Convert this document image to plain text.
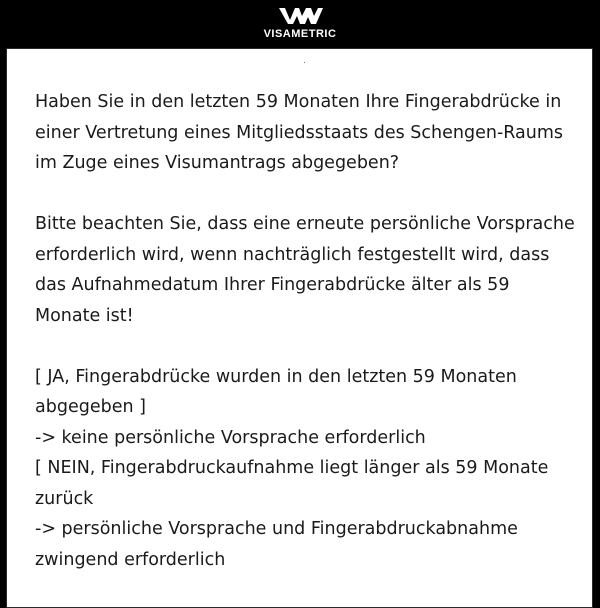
VISAMETRIC

Haben Sie in den letzten 59 Monaten Ihre Fingerabdrücke in einer Vertretung eines Mitgliedsstaats des Schengen-Raums im Zuge eines Visumantrags abgegeben?

Bitte beachten Sie, dass eine erneute persönliche Vorsprache erforderlich wird, wenn nachträglich festgestellt wird, dass das Aufnahmedatum Ihrer Fingerabdrücke älter als 59 Monate ist!

[ JA, Fingerabdrücke wurden in den letzten 59 Monaten abgegeben ]

-> keine persönliche Vorsprache erforderlich

[ NEIN, Fingerabdruckaufnahme liegt länger als 59 Monate zurück

-> persönliche Vorsprache und Fingerabdruckabnahme zwingend erforderlich
